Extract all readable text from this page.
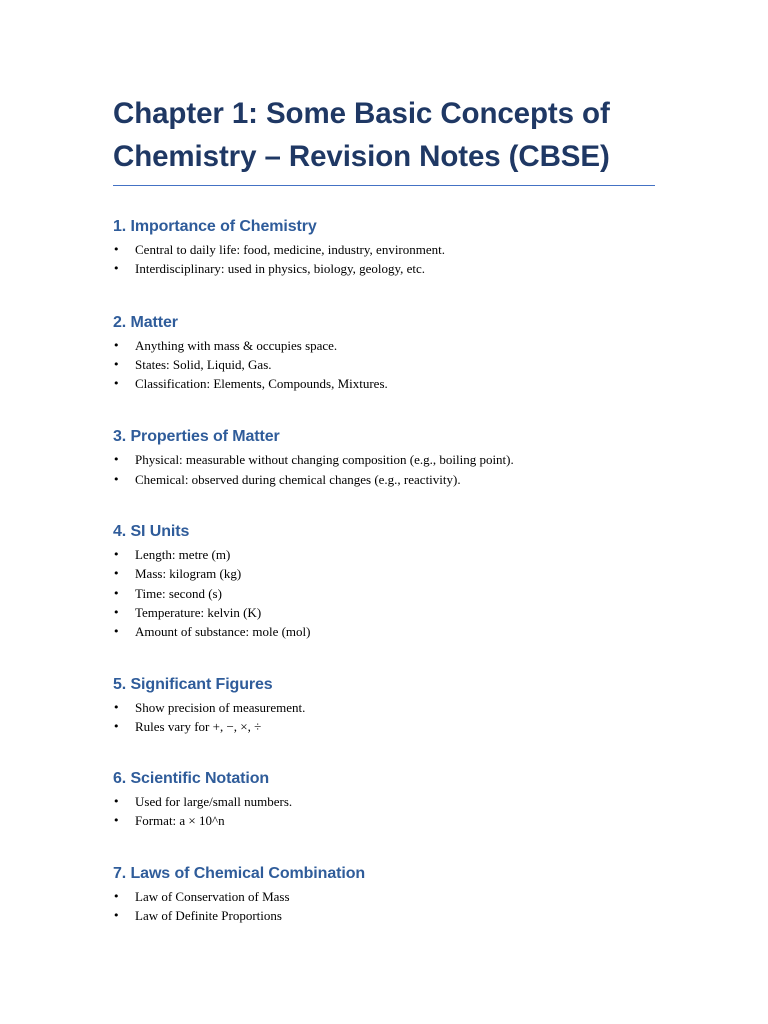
Chapter 1: Some Basic Concepts of Chemistry – Revision Notes (CBSE)
1. Importance of Chemistry
• Central to daily life: food, medicine, industry, environment.
• Interdisciplinary: used in physics, biology, geology, etc.
2. Matter
• Anything with mass & occupies space.
• States: Solid, Liquid, Gas.
• Classification: Elements, Compounds, Mixtures.
3. Properties of Matter
• Physical: measurable without changing composition (e.g., boiling point).
• Chemical: observed during chemical changes (e.g., reactivity).
4. SI Units
• Length: metre (m)
• Mass: kilogram (kg)
• Time: second (s)
• Temperature: kelvin (K)
• Amount of substance: mole (mol)
5. Significant Figures
• Show precision of measurement.
• Rules vary for +, −, ×, ÷
6. Scientific Notation
• Used for large/small numbers.
• Format: a × 10^n
7. Laws of Chemical Combination
• Law of Conservation of Mass
• Law of Definite Proportions
